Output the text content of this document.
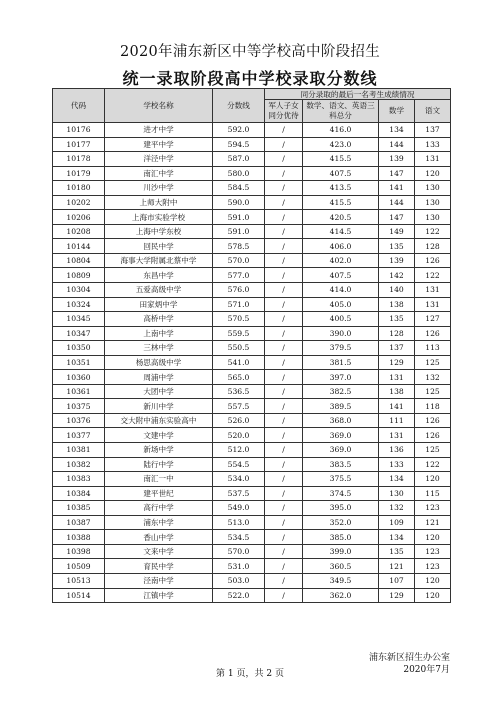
2020年浦东新区中等学校高中阶段招生
统一录取阶段高中学校录取分数线
代码	学校名称	分数线	同分录取的最后一名考生成绩情况			
			军人子女同分优待	数学、语文、英语三科总分	数学	语文
10176	进才中学	592.0	/	416.0	134	137
10177	建平中学	594.5	/	423.0	144	133
10178	洋泾中学	587.0	/	415.5	139	131
10179	南汇中学	580.0	/	407.5	147	120
10180	川沙中学	584.5	/	413.5	141	130
10202	上师大附中	590.0	/	415.5	144	130
10206	上海市实验学校	591.0	/	420.5	147	130
10208	上海中学东校	591.0	/	414.5	149	122
10144	回民中学	578.5	/	406.0	135	128
10804	海事大学附属北蔡中学	570.0	/	402.0	139	126
10809	东昌中学	577.0	/	407.5	142	122
10304	五爱高级中学	576.0	/	414.0	140	131
10324	田家炳中学	571.0	/	405.0	138	131
10345	高桥中学	570.5	/	400.5	135	127
10347	上南中学	559.5	/	390.0	128	126
10350	三林中学	550.5	/	379.5	137	113
10351	杨思高级中学	541.0	/	381.5	129	125
10360	周浦中学	565.0	/	397.0	131	132
10361	大团中学	536.5	/	382.5	138	125
10375	新川中学	557.5	/	389.5	141	118
10376	交大附中浦东实验高中	526.0	/	368.0	111	126
10377	文建中学	520.0	/	369.0	131	126
10381	新场中学	512.0	/	369.0	136	125
10382	陆行中学	554.5	/	383.5	133	122
10383	南汇一中	534.0	/	375.5	134	120
10384	建平世纪	537.5	/	374.5	130	115
10385	高行中学	549.0	/	395.0	132	123
10387	浦东中学	513.0	/	352.0	109	121
10388	香山中学	534.5	/	385.0	134	120
10398	文来中学	570.0	/	399.0	135	123
10509	育民中学	531.0	/	360.5	121	123
10513	泾南中学	503.0	/	349.5	107	120
10514	江镇中学	522.0	/	362.0	129	120
浦东新区招生办公室
2020年7月
第 1 页，共 2 页
